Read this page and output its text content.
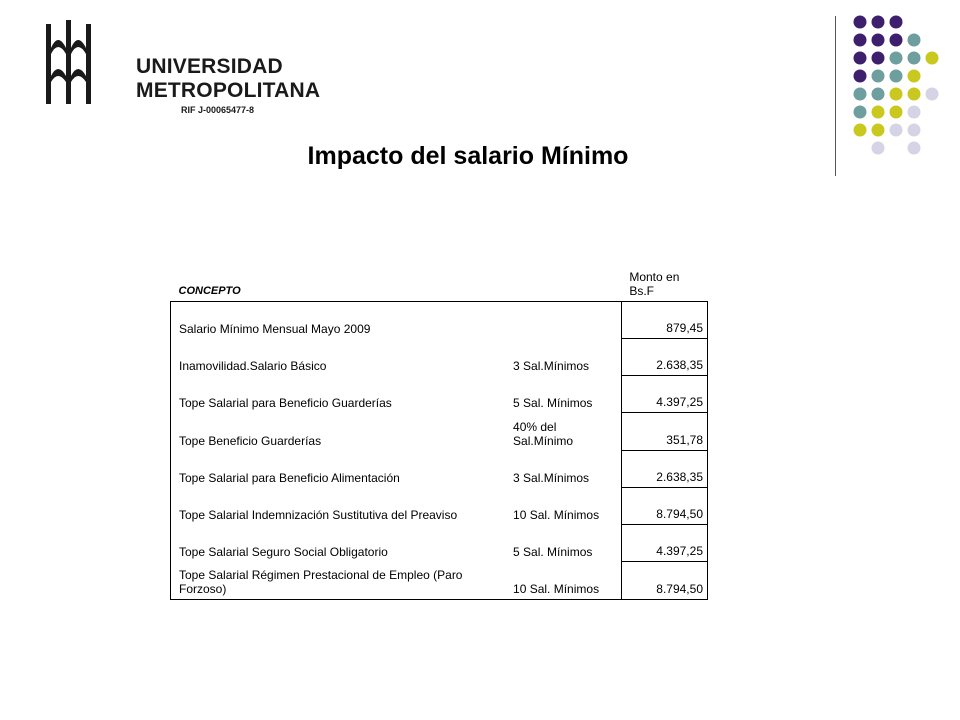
UNIVERSIDAD
METROPOLITANA
RIF J-00065477-8
Impacto del salario Mínimo
CONCEPTO		Monto en Bs.F
Salario Mínimo Mensual Mayo 2009		879,45
Inamovilidad.Salario Básico	3 Sal.Mínimos	2.638,35
Tope Salarial para Beneficio Guarderías	5 Sal. Mínimos	4.397,25
Tope Beneficio Guarderías	40% del Sal.Mínimo	351,78
Tope Salarial para Beneficio Alimentación	3 Sal.Mínimos	2.638,35
Tope Salarial Indemnización Sustitutiva del Preaviso	10 Sal. Mínimos	8.794,50
Tope Salarial Seguro Social Obligatorio	5 Sal. Mínimos	4.397,25
Tope Salarial Régimen Prestacional de Empleo (Paro Forzoso)	10 Sal. Mínimos	8.794,50
